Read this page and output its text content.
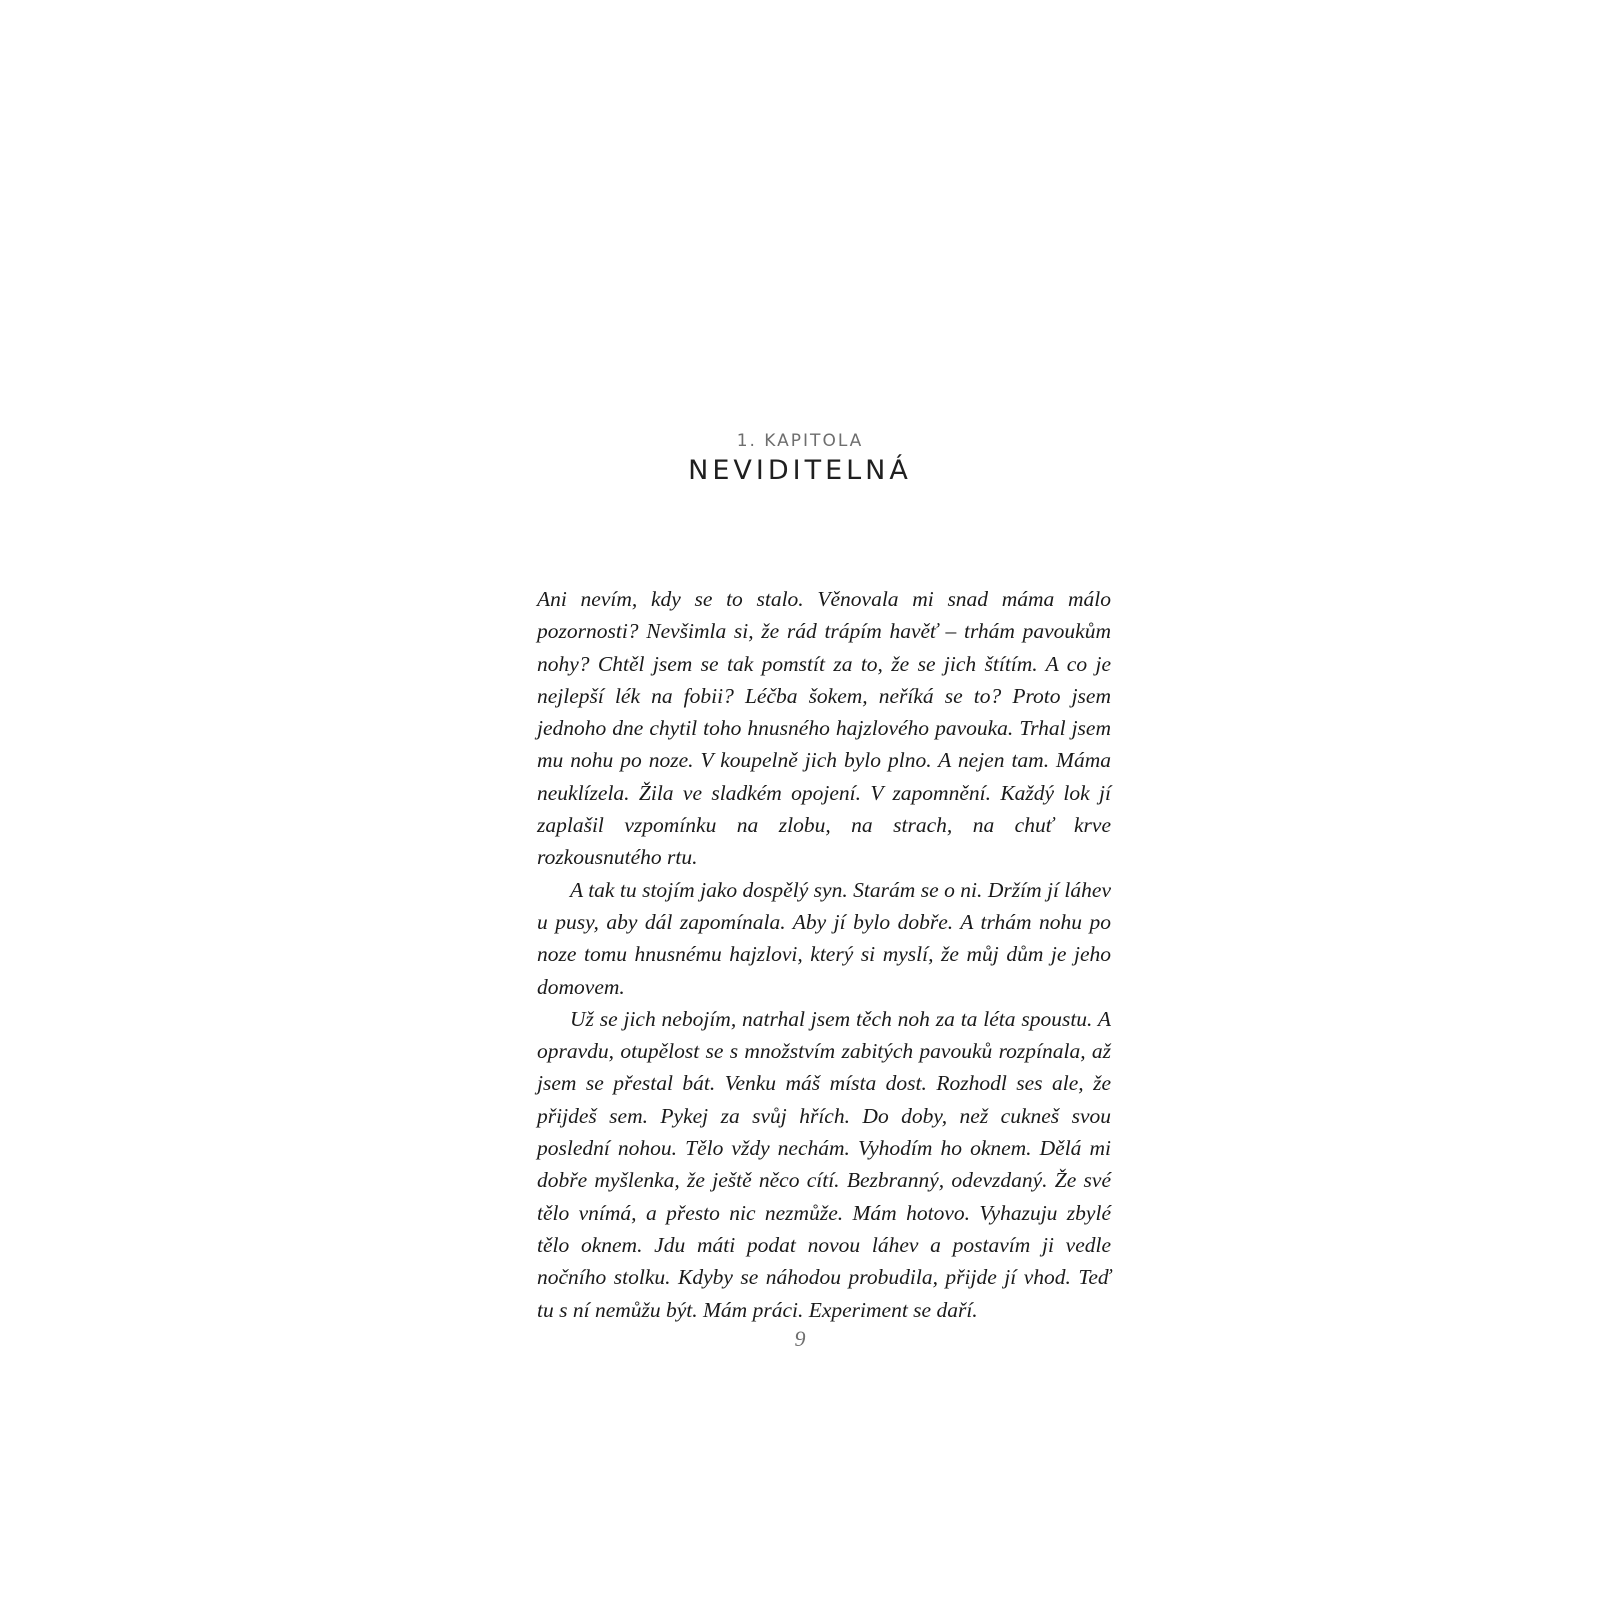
1. KAPITOLA
NEVIDITELNÁ

Ani nevím, kdy se to stalo. Věnovala mi snad máma málo pozornosti? Nevšimla si, že rád trápím havěť – trhám pavoukům nohy? Chtěl jsem se tak pomstít za to, že se jich štítím. A co je nejlepší lék na fobii? Léčba šokem, neříká se to? Proto jsem jednoho dne chytil toho hnusného hajzlového pavouka. Trhal jsem mu nohu po noze. V koupelně jich bylo plno. A nejen tam. Máma neuklízela. Žila ve sladkém opojení. V zapomnění. Každý lok jí zaplašil vzpomínku na zlobu, na strach, na chuť krve rozkousnutého rtu.

A tak tu stojím jako dospělý syn. Starám se o ni. Držím jí láhev u pusy, aby dál zapomínala. Aby jí bylo dobře. A trhám nohu po noze tomu hnusnému hajzlovi, který si myslí, že můj dům je jeho domovem.

Už se jich nebojím, natrhal jsem těch noh za ta léta spoustu. A opravdu, otupělost se s množstvím zabitých pavouků rozpínala, až jsem se přestal bát. Venku máš místa dost. Rozhodl ses ale, že přijdeš sem. Pykej za svůj hřích. Do doby, než cukneš svou poslední nohou. Tělo vždy nechám. Vyhodím ho oknem. Dělá mi dobře myšlenka, že ještě něco cítí. Bezbranný, odevzdaný. Že své tělo vnímá, a přesto nic nezmůže. Mám hotovo. Vyhazuju zbylé tělo oknem. Jdu máti podat novou láhev a postavím ji vedle nočního stolku. Kdyby se náhodou probudila, přijde jí vhod. Teď tu s ní nemůžu být. Mám práci. Experiment se daří.

9
